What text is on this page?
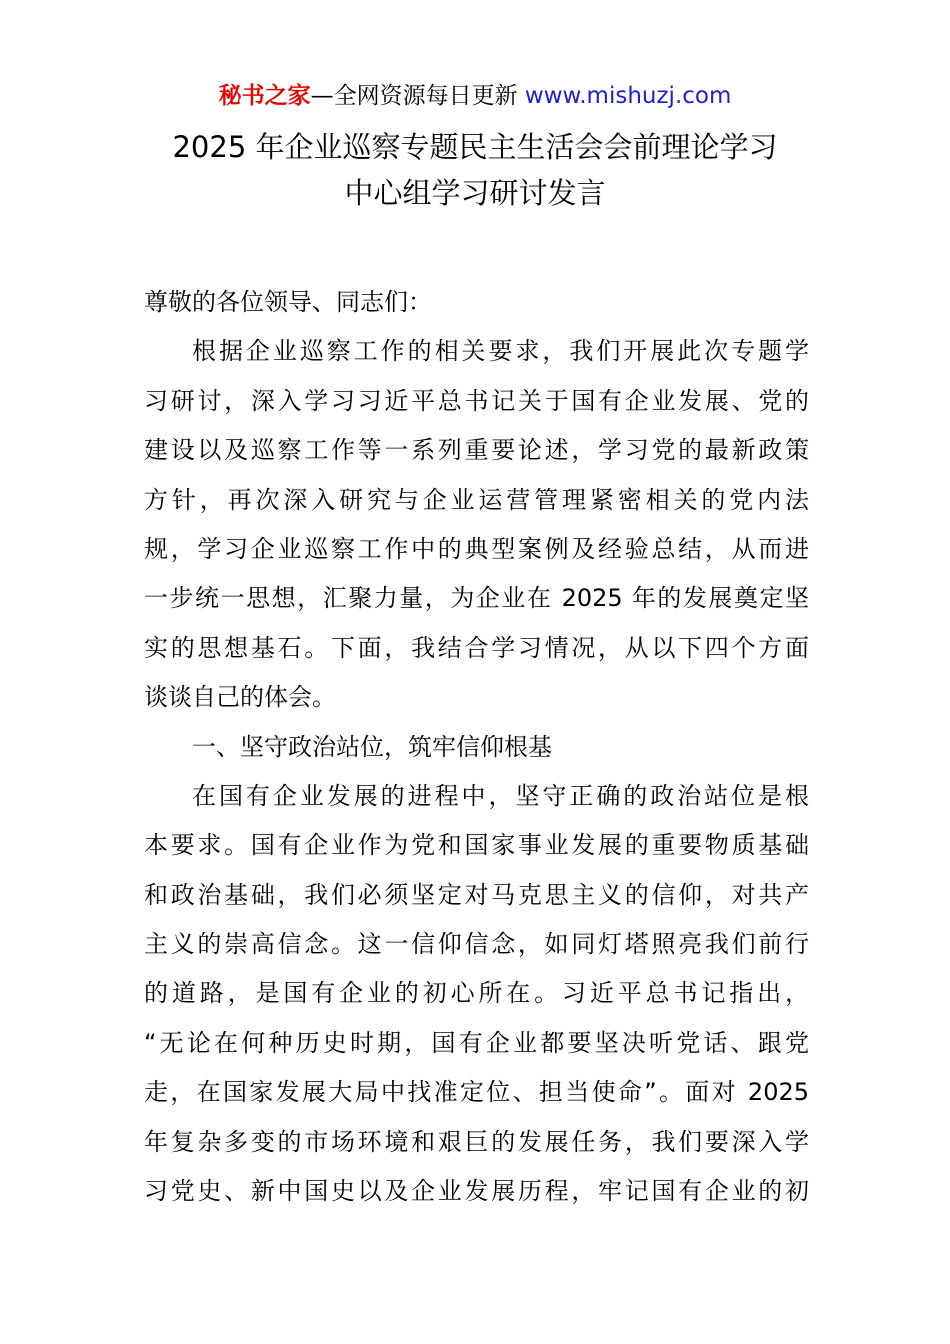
秘书之家—全网资源每日更新 www.mishuzj.com
2025 年企业巡察专题民主生活会会前理论学习
中心组学习研讨发言
尊敬的各位领导、同志们：
根据企业巡察工作的相关要求，我们开展此次专题学
习研讨，深入学习习近平总书记关于国有企业发展、党的
建设以及巡察工作等一系列重要论述，学习党的最新政策
方针，再次深入研究与企业运营管理紧密相关的党内法
规，学习企业巡察工作中的典型案例及经验总结，从而进
一步统一思想，汇聚力量，为企业在 2025 年的发展奠定坚
实的思想基石。下面，我结合学习情况，从以下四个方面
谈谈自己的体会。
一、坚守政治站位，筑牢信仰根基
在国有企业发展的进程中，坚守正确的政治站位是根
本要求。国有企业作为党和国家事业发展的重要物质基础
和政治基础，我们必须坚定对马克思主义的信仰，对共产
主义的崇高信念。这一信仰信念，如同灯塔照亮我们前行
的道路，是国有企业的初心所在。习近平总书记指出，
“无论在何种历史时期，国有企业都要坚决听党话、跟党
走，在国家发展大局中找准定位、担当使命”。面对 2025
年复杂多变的市场环境和艰巨的发展任务，我们要深入学
习党史、新中国史以及企业发展历程，牢记国有企业的初
